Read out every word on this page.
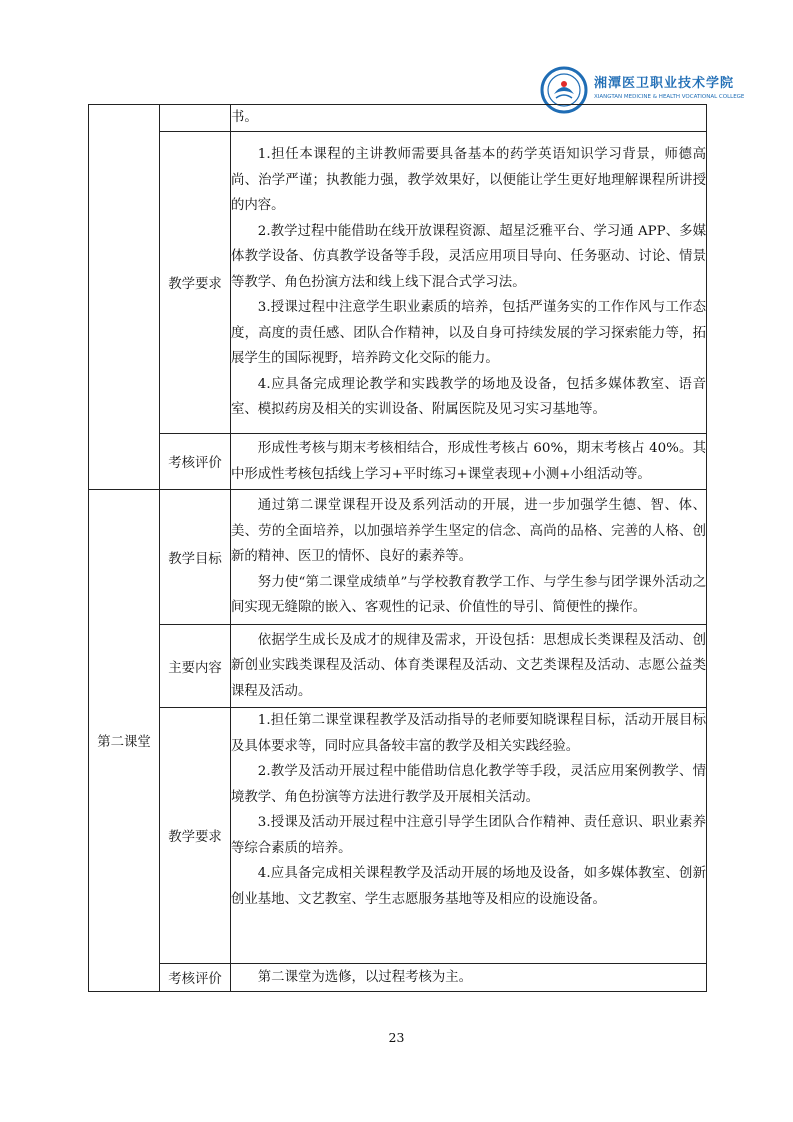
湘潭医卫职业技术学院
XIANGTAN MEDICINE & HEALTH VOCATIONAL COLLEGE

		书。

	教学要求	1.担任本课程的主讲教师需要具备基本的药学英语知识学习背景，师德高尚、治学严谨；执教能力强，教学效果好，以便能让学生更好地理解课程所讲授的内容。

2.教学过程中能借助在线开放课程资源、超星泛雅平台、学习通 APP、多媒体教学设备、仿真教学设备等手段，灵活应用项目导向、任务驱动、讨论、情景等教学、角色扮演方法和线上线下混合式学习法。

3.授课过程中注意学生职业素质的培养，包括严谨务实的工作作风与工作态度，高度的责任感、团队合作精神，以及自身可持续发展的学习探索能力等，拓展学生的国际视野，培养跨文化交际的能力。

4.应具备完成理论教学和实践教学的场地及设备，包括多媒体教室、语音室、模拟药房及相关的实训设备、附属医院及见习实习基地等。

	考核评价	形成性考核与期末考核相结合，形成性考核占 60%，期末考核占 40%。其中形成性考核包括线上学习+平时练习+课堂表现+小测+小组活动等。

第二课堂	教学目标	通过第二课堂课程开设及系列活动的开展，进一步加强学生德、智、体、美、劳的全面培养，以加强培养学生坚定的信念、高尚的品格、完善的人格、创新的精神、医卫的情怀、良好的素养等。

努力使“第二课堂成绩单”与学校教育教学工作、与学生参与团学课外活动之间实现无缝隙的嵌入、客观性的记录、价值性的导引、简便性的操作。

	主要内容	依据学生成长及成才的规律及需求，开设包括：思想成长类课程及活动、创新创业实践类课程及活动、体育类课程及活动、文艺类课程及活动、志愿公益类课程及活动。

	教学要求	1.担任第二课堂课程教学及活动指导的老师要知晓课程目标，活动开展目标及具体要求等，同时应具备较丰富的教学及相关实践经验。

2.教学及活动开展过程中能借助信息化教学等手段，灵活应用案例教学、情境教学、角色扮演等方法进行教学及开展相关活动。

3.授课及活动开展过程中注意引导学生团队合作精神、责任意识、职业素养等综合素质的培养。

4.应具备完成相关课程教学及活动开展的场地及设备，如多媒体教室、创新创业基地、文艺教室、学生志愿服务基地等及相应的设施设备。

	考核评价	第二课堂为选修，以过程考核为主。

23
